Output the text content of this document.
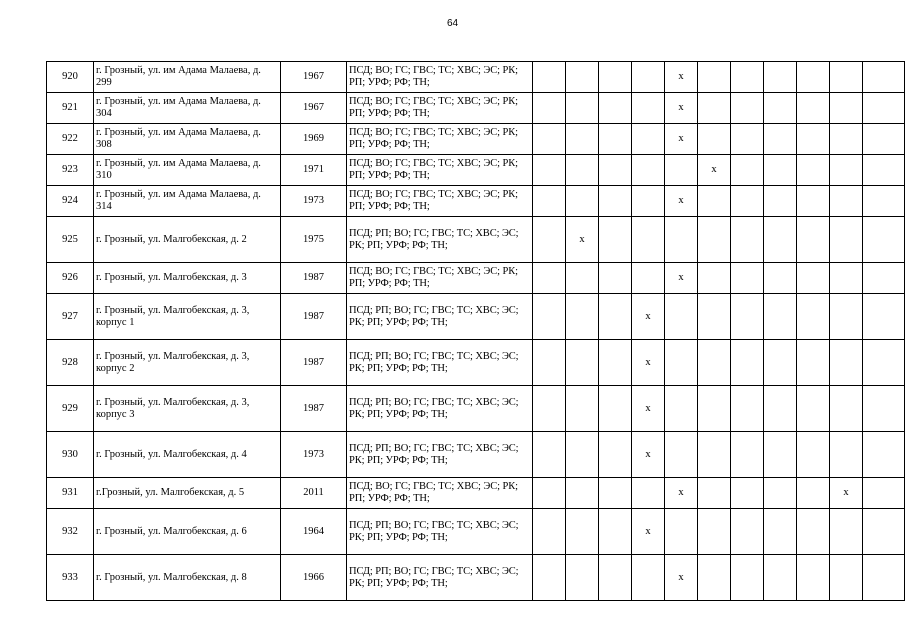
64
920	г. Грозный, ул. им Адама Малаева, д. 299	1967	ПСД; ВО; ГС; ГВС; ТС; ХВС; ЭС; РК; РП; УРФ; РФ; ТН;					x						
921	г. Грозный, ул. им Адама Малаева, д. 304	1967	ПСД; ВО; ГС; ГВС; ТС; ХВС; ЭС; РК; РП; УРФ; РФ; ТН;					x						
922	г. Грозный, ул. им Адама Малаева, д. 308	1969	ПСД; ВО; ГС; ГВС; ТС; ХВС; ЭС; РК; РП; УРФ; РФ; ТН;					x						
923	г. Грозный, ул. им Адама Малаева, д. 310	1971	ПСД; ВО; ГС; ГВС; ТС; ХВС; ЭС; РК; РП; УРФ; РФ; ТН;						x					
924	г. Грозный, ул. им Адама Малаева, д. 314	1973	ПСД; ВО; ГС; ГВС; ТС; ХВС; ЭС; РК; РП; УРФ; РФ; ТН;					x						
925	г. Грозный, ул. Малгобекская, д. 2	1975	ПСД; РП; ВО; ГС; ГВС; ТС; ХВС; ЭС; РК; РП; УРФ; РФ; ТН;		x									
926	г. Грозный, ул. Малгобекская, д. 3	1987	ПСД; ВО; ГС; ГВС; ТС; ХВС; ЭС; РК; РП; УРФ; РФ; ТН;					x						
927	г. Грозный, ул. Малгобекская, д. 3, корпус 1	1987	ПСД; РП; ВО; ГС; ГВС; ТС; ХВС; ЭС; РК; РП; УРФ; РФ; ТН;				x							
928	г. Грозный, ул. Малгобекская, д. 3, корпус 2	1987	ПСД; РП; ВО; ГС; ГВС; ТС; ХВС; ЭС; РК; РП; УРФ; РФ; ТН;				x							
929	г. Грозный, ул. Малгобекская, д. 3, корпус 3	1987	ПСД; РП; ВО; ГС; ГВС; ТС; ХВС; ЭС; РК; РП; УРФ; РФ; ТН;				x							
930	г. Грозный, ул. Малгобекская, д. 4	1973	ПСД; РП; ВО; ГС; ГВС; ТС; ХВС; ЭС; РК; РП; УРФ; РФ; ТН;				x							
931	г.Грозный, ул. Малгобекская, д. 5	2011	ПСД; ВО; ГС; ГВС; ТС; ХВС; ЭС; РК; РП; УРФ; РФ; ТН;					x					x	
932	г. Грозный, ул. Малгобекская, д. 6	1964	ПСД; РП; ВО; ГС; ГВС; ТС; ХВС; ЭС; РК; РП; УРФ; РФ; ТН;				x							
933	г. Грозный, ул. Малгобекская, д. 8	1966	ПСД; РП; ВО; ГС; ГВС; ТС; ХВС; ЭС; РК; РП; УРФ; РФ; ТН;					x						
